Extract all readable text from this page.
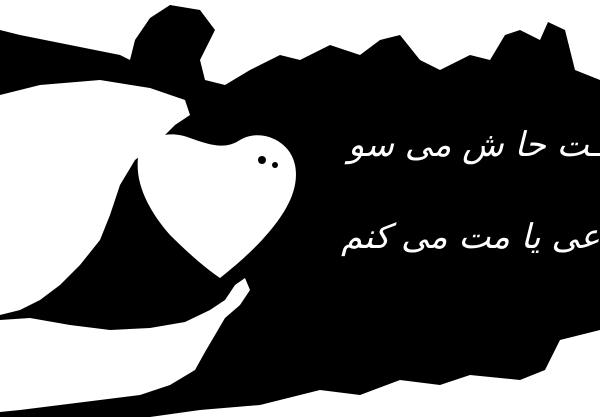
ـت حا ش می سو
عی یا مت می کنم
